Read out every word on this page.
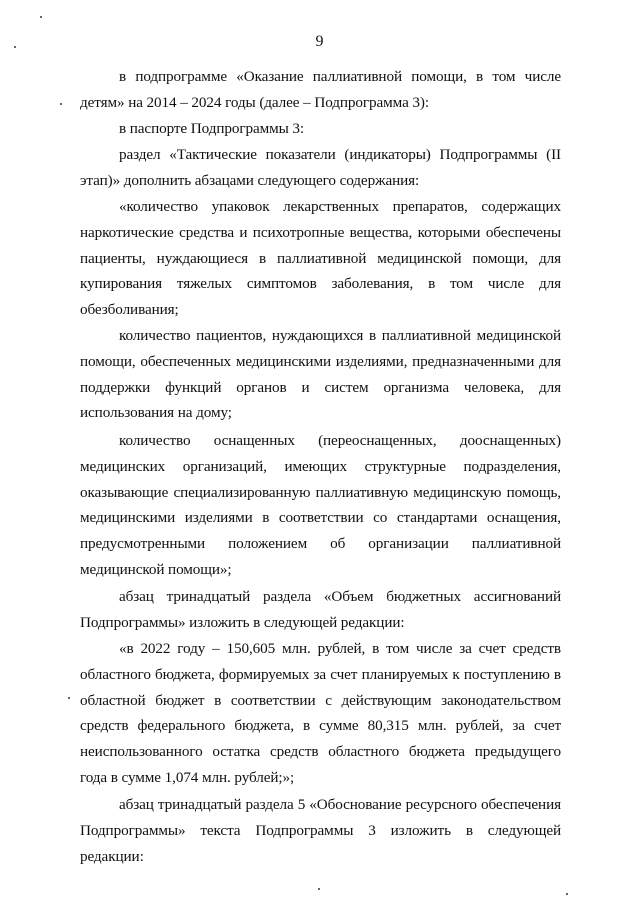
9

в подпрограмме «Оказание паллиативной помощи, в том числе детям» на 2014 – 2024 годы (далее – Подпрограмма 3):

в паспорте Подпрограммы 3:

раздел «Тактические показатели (индикаторы) Подпрограммы (II этап)» дополнить абзацами следующего содержания:

«количество упаковок лекарственных препаратов, содержащих наркотические средства и психотропные вещества, которыми обеспечены пациенты, нуждающиеся в паллиативной медицинской помощи, для купирования тяжелых симптомов заболевания, в том числе для обезболивания;

количество пациентов, нуждающихся в паллиативной медицинской помощи, обеспеченных медицинскими изделиями, предназначенными для поддержки функций органов и систем организма человека, для использования на дому;

количество оснащенных (переоснащенных, дооснащенных) медицинских организаций, имеющих структурные подразделения, оказывающие специализированную паллиативную медицинскую помощь, медицинскими изделиями в соответствии со стандартами оснащения, предусмотренными положением об организации паллиативной медицинской помощи»;

абзац тринадцатый раздела «Объем бюджетных ассигнований Подпрограммы» изложить в следующей редакции:

«в 2022 году – 150,605 млн. рублей, в том числе за счет средств областного бюджета, формируемых за счет планируемых к поступлению в областной бюджет в соответствии с действующим законодательством средств федерального бюджета, в сумме 80,315 млн. рублей, за счет неиспользованного остатка средств областного бюджета предыдущего года в сумме 1,074 млн. рублей;»;

абзац тринадцатый раздела 5 «Обоснование ресурсного обеспечения Подпрограммы» текста Подпрограммы 3 изложить в следующей редакции:
